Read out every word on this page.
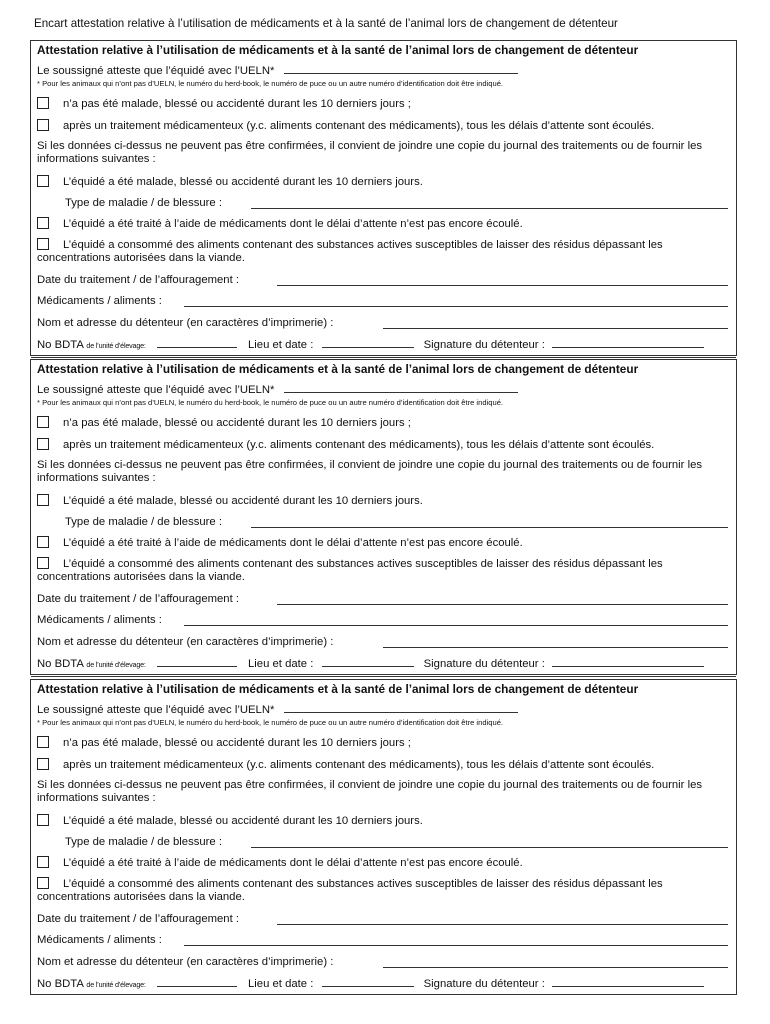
Encart attestation relative à l’utilisation de médicaments et à la santé de l’animal lors de changement de détenteur
Attestation relative à l’utilisation de médicaments et à la santé de l’animal lors de changement de détenteur
Le soussigné atteste que l’équidé avec l’UELN*
* Pour les animaux qui n’ont pas d’UELN, le numéro du herd-book, le numéro de puce ou un autre numéro d’identification doit être indiqué.
n’a pas été malade, blessé ou accidenté durant les 10 derniers jours ;
après un traitement médicamenteux (y.c. aliments contenant des médicaments), tous les délais d’attente sont écoulés.
Si les données ci-dessus ne peuvent pas être confirmées, il convient de joindre une copie du journal des traitements ou de fournir les informations suivantes :
L’équidé a été malade, blessé ou accidenté durant les 10 derniers jours.
Type de maladie / de blessure :
L’équidé a été traité à l’aide de médicaments dont le délai d’attente n’est pas encore écoulé.
L’équidé a consommé des aliments contenant des substances actives susceptibles de laisser des résidus dépassant les concentrations autorisées dans la viande.
Date du traitement / de l’affouragement :
Médicaments / aliments :
Nom et adresse du détenteur (en caractères d’imprimerie) :
No BDTA de l’unité d’élevage:	Lieu et date :	Signature du détenteur :
Attestation relative à l’utilisation de médicaments et à la santé de l’animal lors de changement de détenteur
Le soussigné atteste que l’équidé avec l’UELN*
* Pour les animaux qui n’ont pas d’UELN, le numéro du herd-book, le numéro de puce ou un autre numéro d’identification doit être indiqué.
n’a pas été malade, blessé ou accidenté durant les 10 derniers jours ;
après un traitement médicamenteux (y.c. aliments contenant des médicaments), tous les délais d’attente sont écoulés.
Si les données ci-dessus ne peuvent pas être confirmées, il convient de joindre une copie du journal des traitements ou de fournir les informations suivantes :
L’équidé a été malade, blessé ou accidenté durant les 10 derniers jours.
Type de maladie / de blessure :
L’équidé a été traité à l’aide de médicaments dont le délai d’attente n’est pas encore écoulé.
L’équidé a consommé des aliments contenant des substances actives susceptibles de laisser des résidus dépassant les concentrations autorisées dans la viande.
Date du traitement / de l’affouragement :
Médicaments / aliments :
Nom et adresse du détenteur (en caractères d’imprimerie) :
No BDTA de l’unité d’élevage:	Lieu et date :	Signature du détenteur :
Attestation relative à l’utilisation de médicaments et à la santé de l’animal lors de changement de détenteur
Le soussigné atteste que l’équidé avec l’UELN*
* Pour les animaux qui n’ont pas d’UELN, le numéro du herd-book, le numéro de puce ou un autre numéro d’identification doit être indiqué.
n’a pas été malade, blessé ou accidenté durant les 10 derniers jours ;
après un traitement médicamenteux (y.c. aliments contenant des médicaments), tous les délais d’attente sont écoulés.
Si les données ci-dessus ne peuvent pas être confirmées, il convient de joindre une copie du journal des traitements ou de fournir les informations suivantes :
L’équidé a été malade, blessé ou accidenté durant les 10 derniers jours.
Type de maladie / de blessure :
L’équidé a été traité à l’aide de médicaments dont le délai d’attente n’est pas encore écoulé.
L’équidé a consommé des aliments contenant des substances actives susceptibles de laisser des résidus dépassant les concentrations autorisées dans la viande.
Date du traitement / de l’affouragement :
Médicaments / aliments :
Nom et adresse du détenteur (en caractères d’imprimerie) :
No BDTA de l’unité d’élevage:	Lieu et date :	Signature du détenteur :
